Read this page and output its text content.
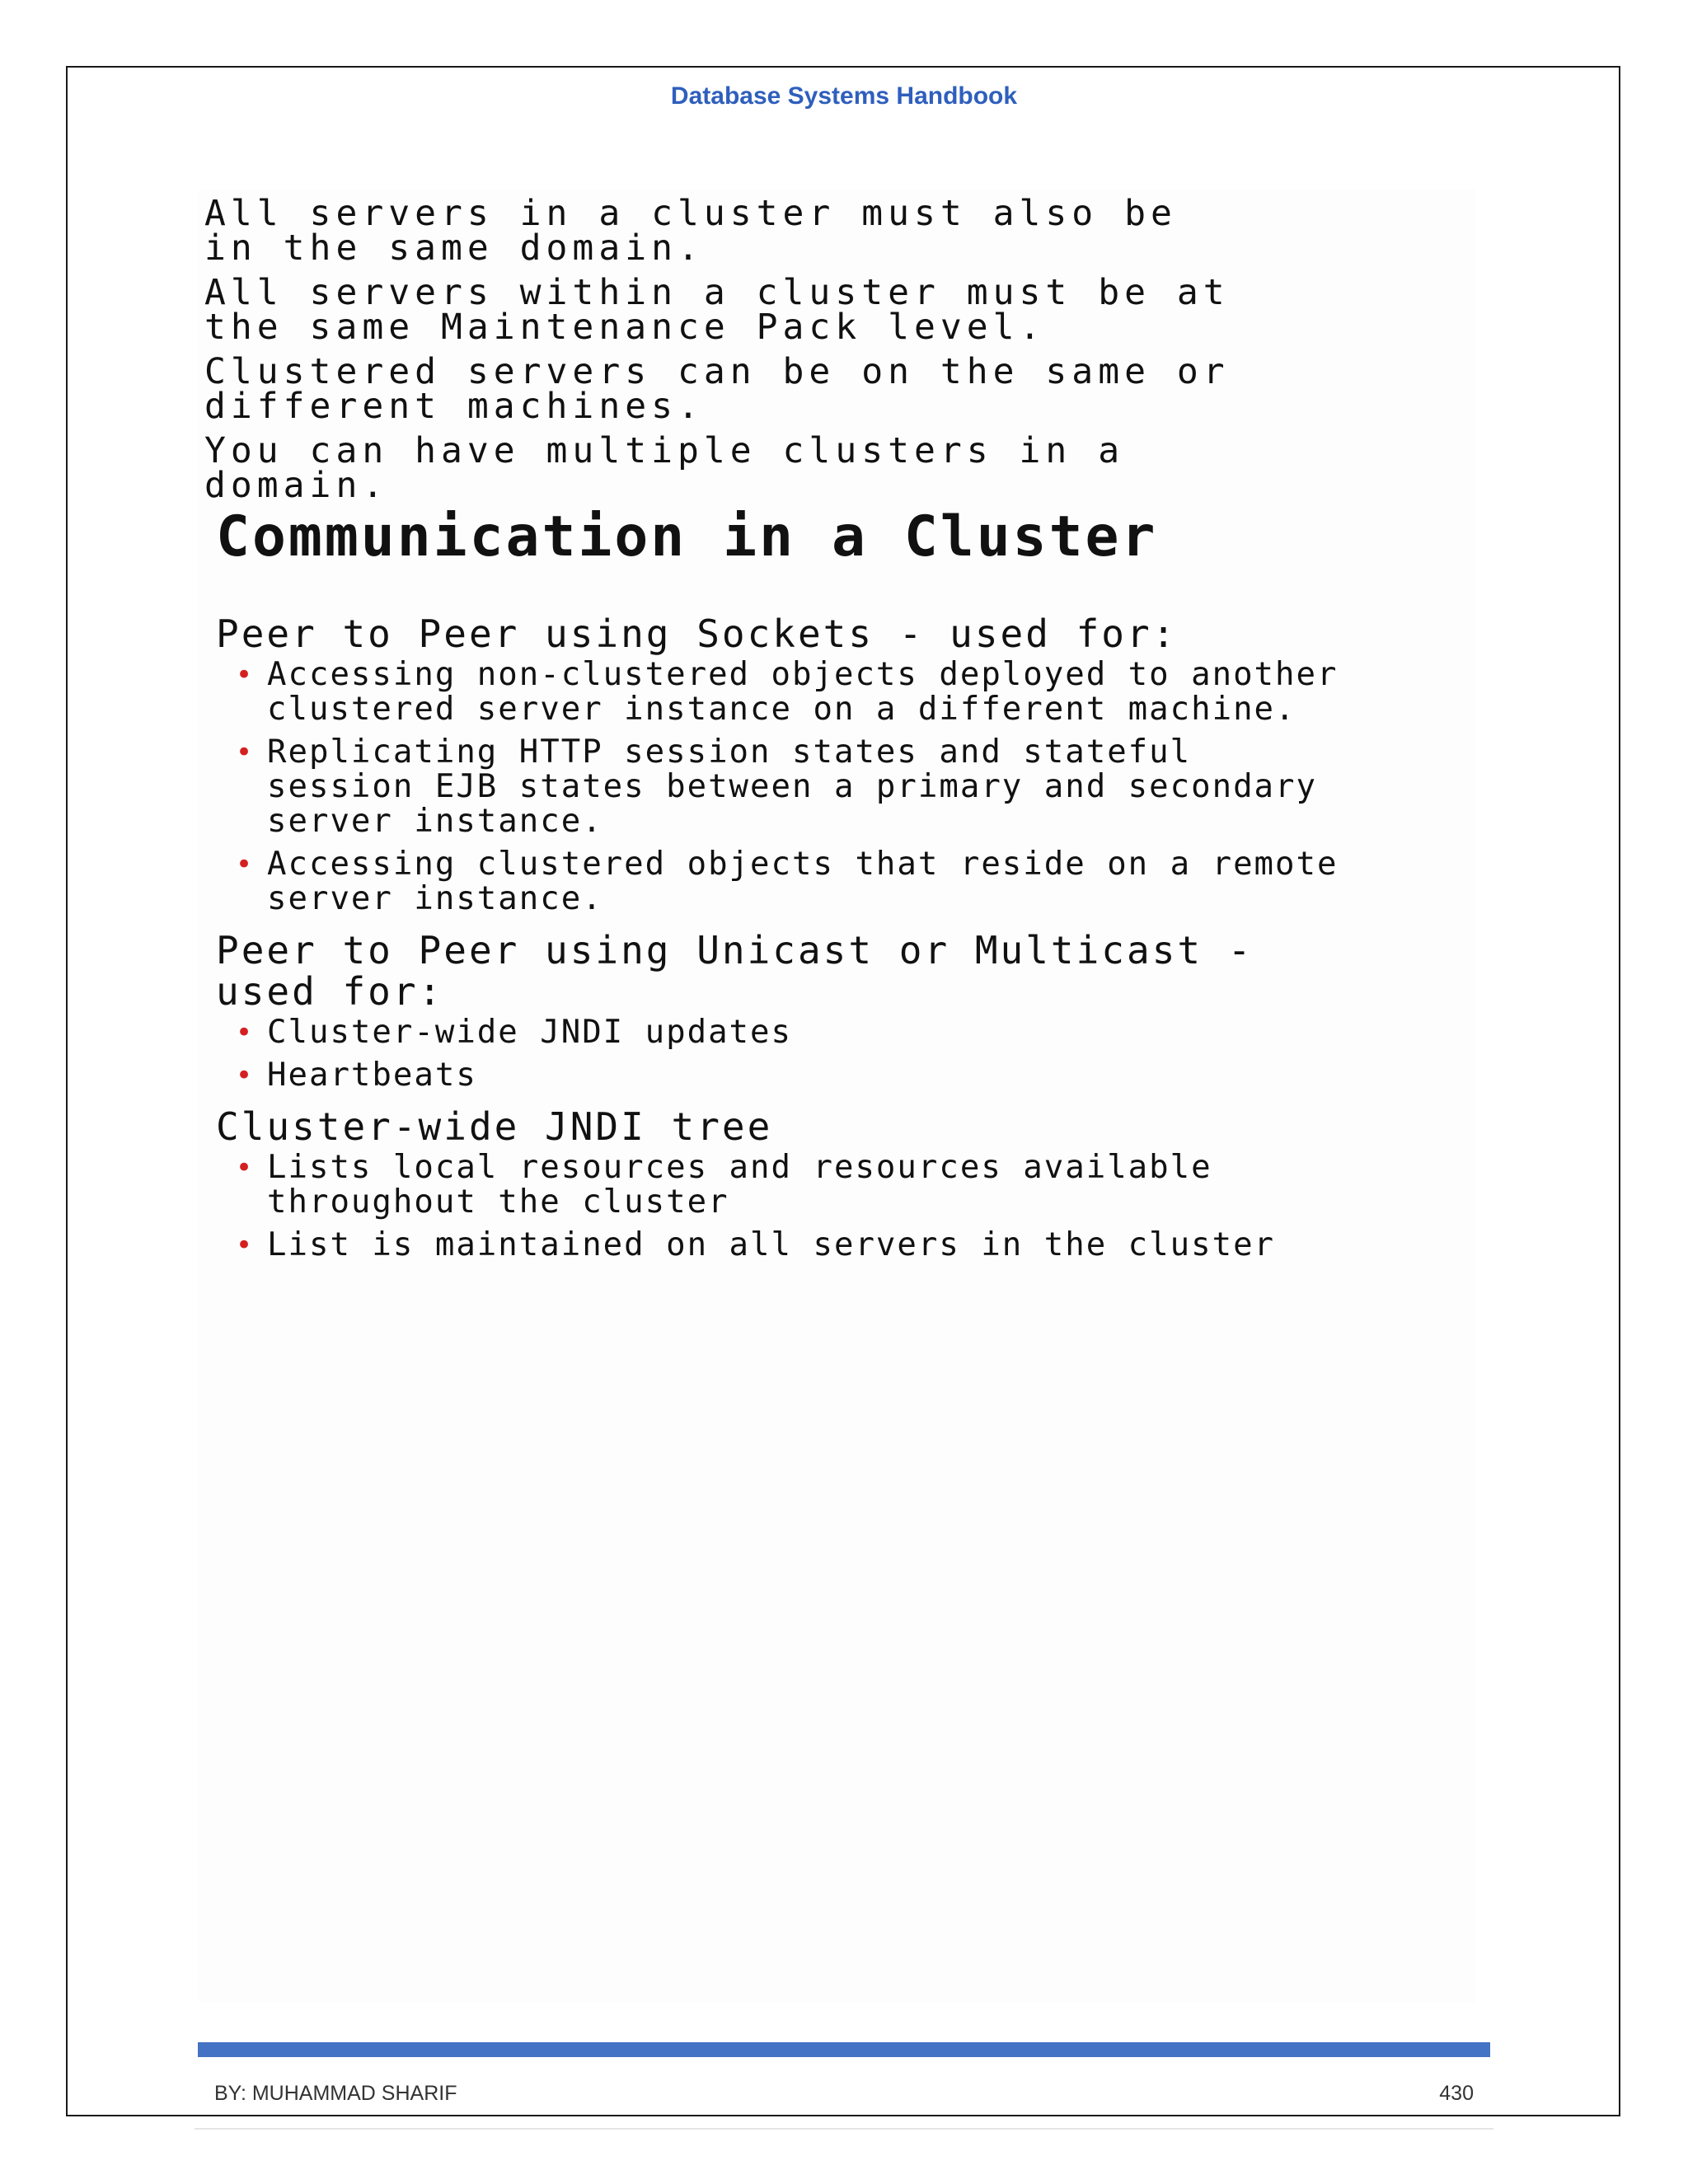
Database Systems Handbook

All servers in a cluster must also be
in the same domain.

All servers within a cluster must be at
the same Maintenance Pack level.

Clustered servers can be on the same or
different machines.

You can have multiple clusters in a
domain.

Communication in a Cluster

Peer to Peer using Sockets - used for:

• Accessing non-clustered objects deployed to another
clustered server instance on a different machine.
• Replicating HTTP session states and stateful
session EJB states between a primary and secondary
server instance.
• Accessing clustered objects that reside on a remote
server instance.

Peer to Peer using Unicast or Multicast -
used for:

• Cluster-wide JNDI updates
• Heartbeats

Cluster-wide JNDI tree

• Lists local resources and resources available
throughout the cluster
• List is maintained on all servers in the cluster
BY: MUHAMMAD SHARIF	430
